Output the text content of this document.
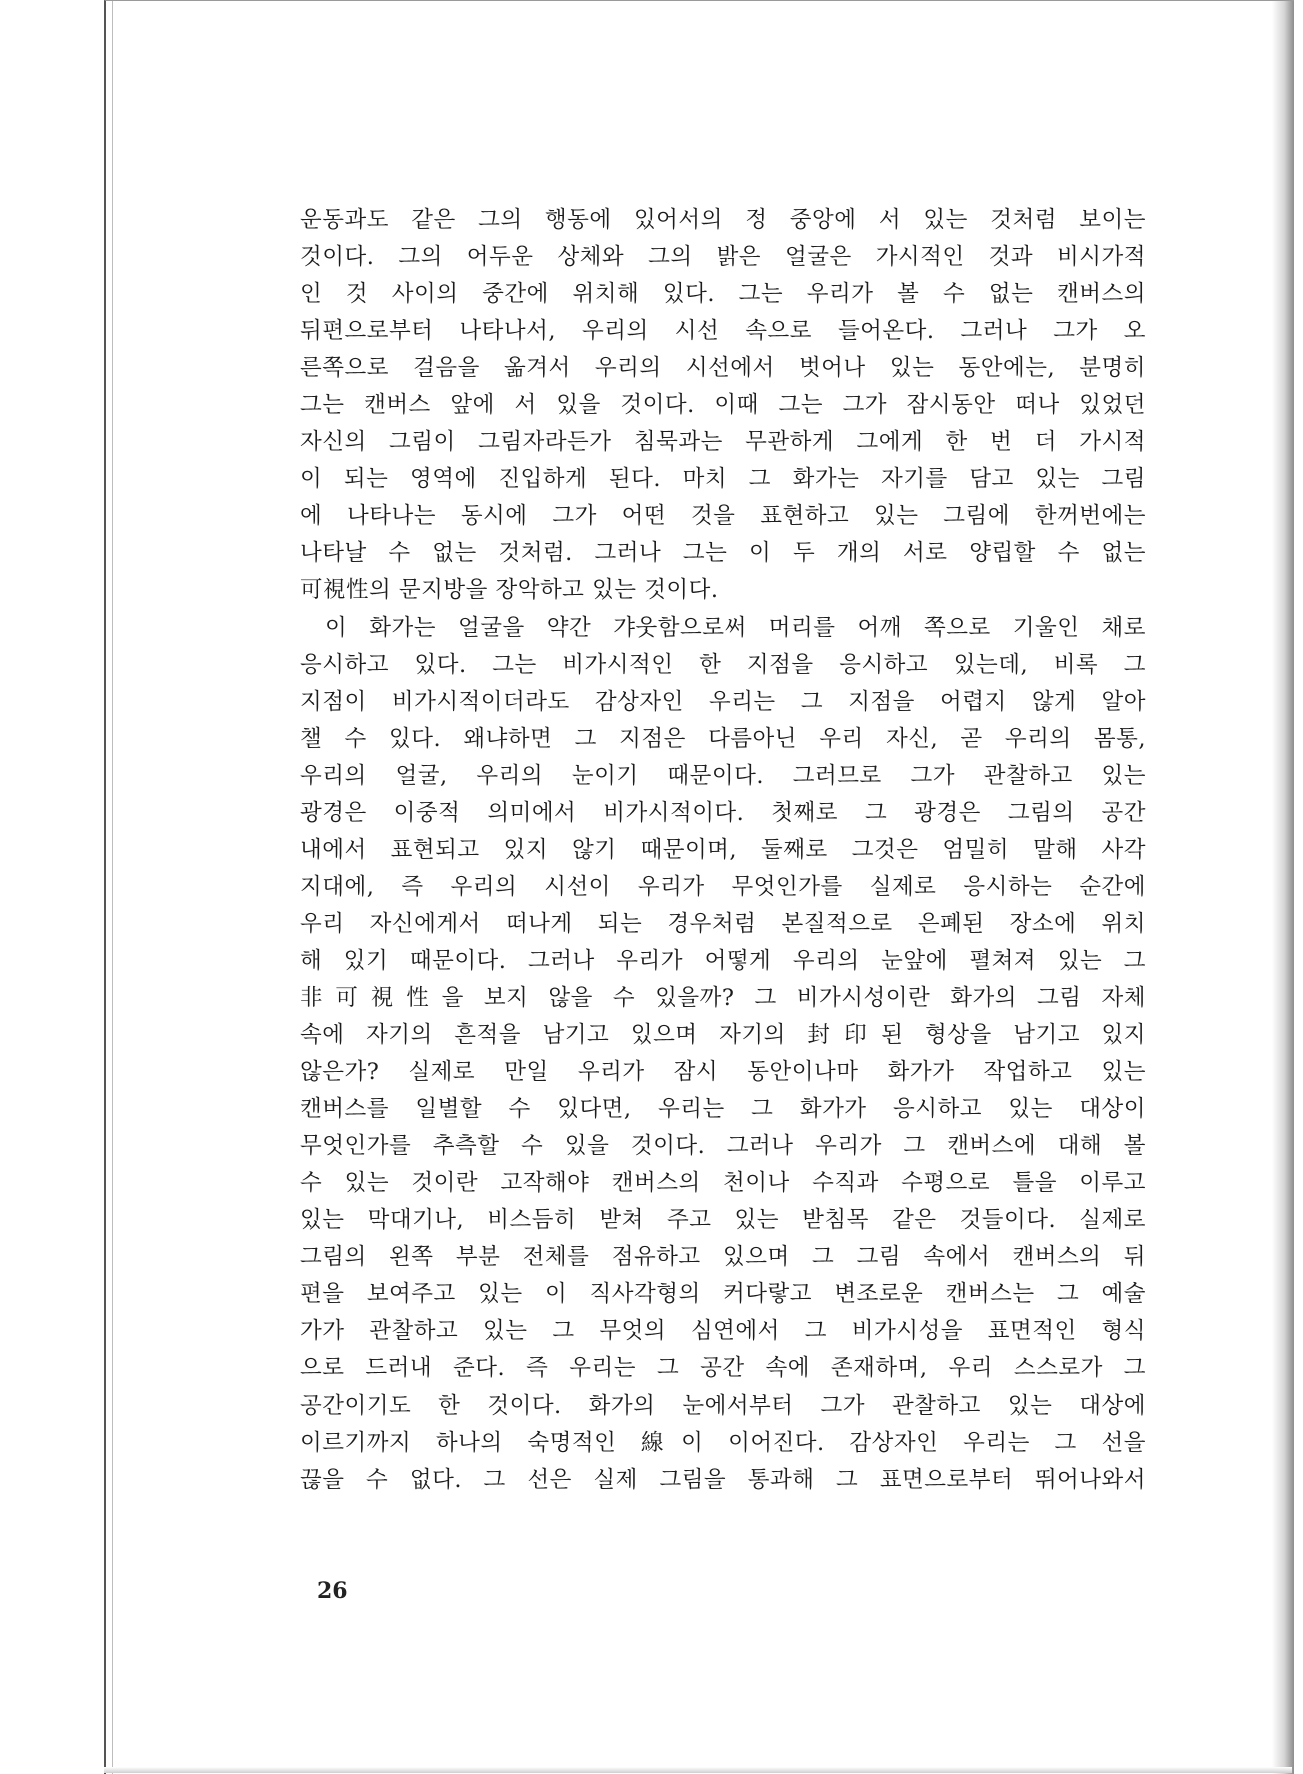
운동과도 같은 그의 행동에 있어서의 정 중앙에 서 있는 것처럼 보이는
것이다. 그의 어두운 상체와 그의 밝은 얼굴은 가시적인 것과 비시가적
인 것 사이의 중간에 위치해 있다. 그는 우리가 볼 수 없는 캔버스의
뒤편으로부터 나타나서, 우리의 시선 속으로 들어온다. 그러나 그가 오
른쪽으로 걸음을 옮겨서 우리의 시선에서 벗어나 있는 동안에는, 분명히
그는 캔버스 앞에 서 있을 것이다. 이때 그는 그가 잠시동안 떠나 있었던
자신의 그림이 그림자라든가 침묵과는 무관하게 그에게 한 번 더 가시적
이 되는 영역에 진입하게 된다. 마치 그 화가는 자기를 담고 있는 그림
에 나타나는 동시에 그가 어떤 것을 표현하고 있는 그림에 한꺼번에는
나타날 수 없는 것처럼. 그러나 그는 이 두 개의 서로 양립할 수 없는
可視性의 문지방을 장악하고 있는 것이다.
이 화가는 얼굴을 약간 갸웃함으로써 머리를 어깨 쪽으로 기울인 채로
응시하고 있다. 그는 비가시적인 한 지점을 응시하고 있는데, 비록 그
지점이 비가시적이더라도 감상자인 우리는 그 지점을 어렵지 않게 알아
챌 수 있다. 왜냐하면 그 지점은 다름아닌 우리 자신, 곧 우리의 몸통,
우리의 얼굴, 우리의 눈이기 때문이다. 그러므로 그가 관찰하고 있는
광경은 이중적 의미에서 비가시적이다. 첫째로 그 광경은 그림의 공간
내에서 표현되고 있지 않기 때문이며, 둘째로 그것은 엄밀히 말해 사각
지대에, 즉 우리의 시선이 우리가 무엇인가를 실제로 응시하는 순간에
우리 자신에게서 떠나게 되는 경우처럼 본질적으로 은폐된 장소에 위치
해 있기 때문이다. 그러나 우리가 어떻게 우리의 눈앞에 펼쳐져 있는 그
非可視性을 보지 않을 수 있을까? 그 비가시성이란 화가의 그림 자체
속에 자기의 흔적을 남기고 있으며 자기의 封印된 형상을 남기고 있지
않은가? 실제로 만일 우리가 잠시 동안이나마 화가가 작업하고 있는
캔버스를 일별할 수 있다면, 우리는 그 화가가 응시하고 있는 대상이
무엇인가를 추측할 수 있을 것이다. 그러나 우리가 그 캔버스에 대해 볼
수 있는 것이란 고작해야 캔버스의 천이나 수직과 수평으로 틀을 이루고
있는 막대기나, 비스듬히 받쳐 주고 있는 받침목 같은 것들이다. 실제로
그림의 왼쪽 부분 전체를 점유하고 있으며 그 그림 속에서 캔버스의 뒤
편을 보여주고 있는 이 직사각형의 커다랗고 변조로운 캔버스는 그 예술
가가 관찰하고 있는 그 무엇의 심연에서 그 비가시성을 표면적인 형식
으로 드러내 준다. 즉 우리는 그 공간 속에 존재하며, 우리 스스로가 그
공간이기도 한 것이다. 화가의 눈에서부터 그가 관찰하고 있는 대상에
이르기까지 하나의 숙명적인 線이 이어진다. 감상자인 우리는 그 선을
끊을 수 없다. 그 선은 실제 그림을 통과해 그 표면으로부터 뛰어나와서
26
